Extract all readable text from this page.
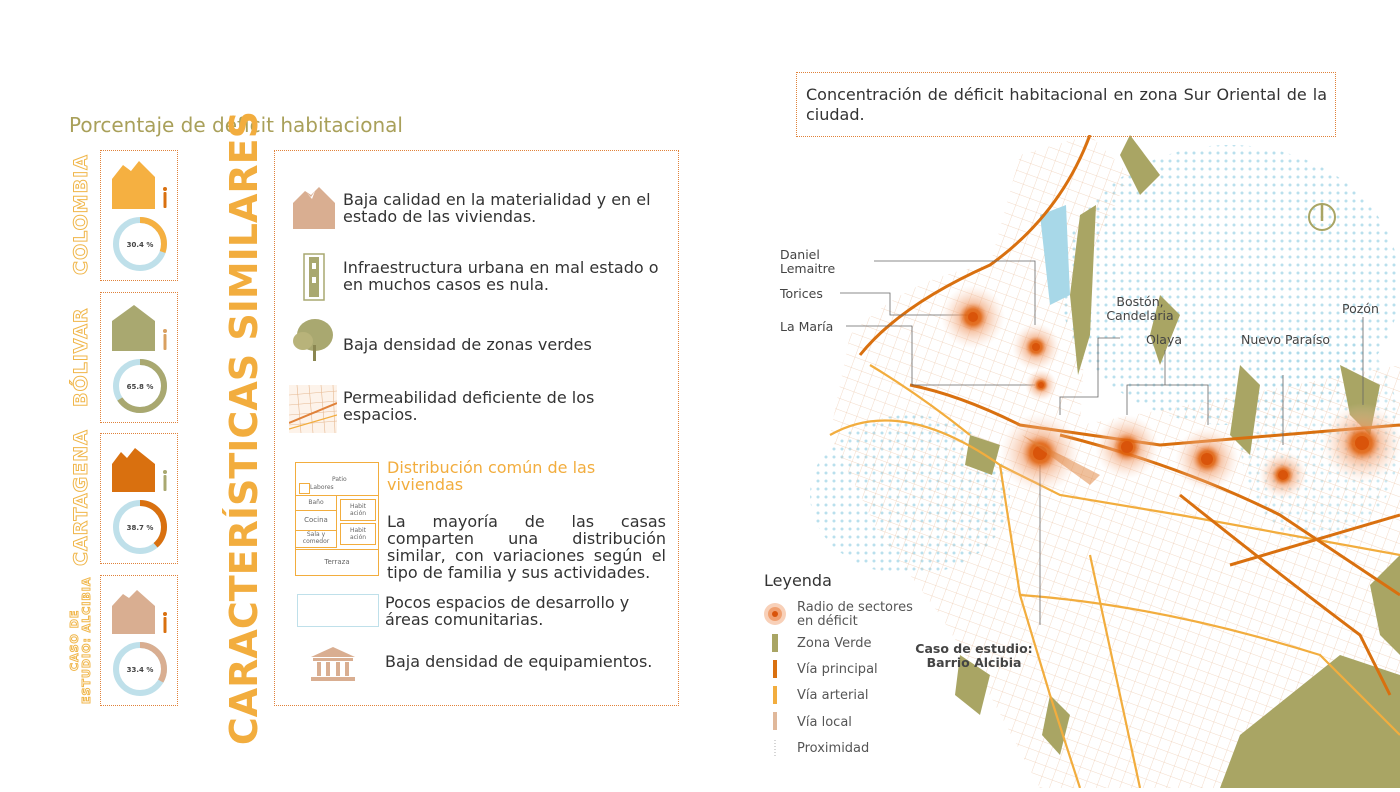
Porcentaje de déficit habitacional
COLOMBIA
BÓLIVAR
CARTAGENA
CASO DE ESTUDIO: ALCIBIA
30.4 %
65.8 %
38.7 %
33.4 % CARACTERÍSTICAS SIMILARES	Baja calidad en la materialidad y en el estado de las viviendas.
Infraestructura urbana en mal estado o en muchos casos es nula.
Baja densidad de zonas verdes
Permeabilidad deficiente de los espacios.
Patio
Labores
Baño
Cocina
Sala y comedor
Habit ación
Habit ación
Terraza
Distribución común de las viviendas
La mayoría de las casas comparten una distribución similar, con variaciones según el tipo de familia y sus actividades.
Pocos espacios de desarrollo y áreas comunitarias.
Baja densidad de equipamientos.
Concentración de déficit habitacional en zona Sur Oriental de la ciudad.
Daniel Lemaitre
Torices
La María
Bostón, Candelaria
Olaya	Nuevo Paraíso
Pozón
Caso de estudio: Barrio Alcibia
Leyenda
Radio de sectores en déficit
Zona Verde
Vía principal
Vía arterial
Vía local
Proximidad
